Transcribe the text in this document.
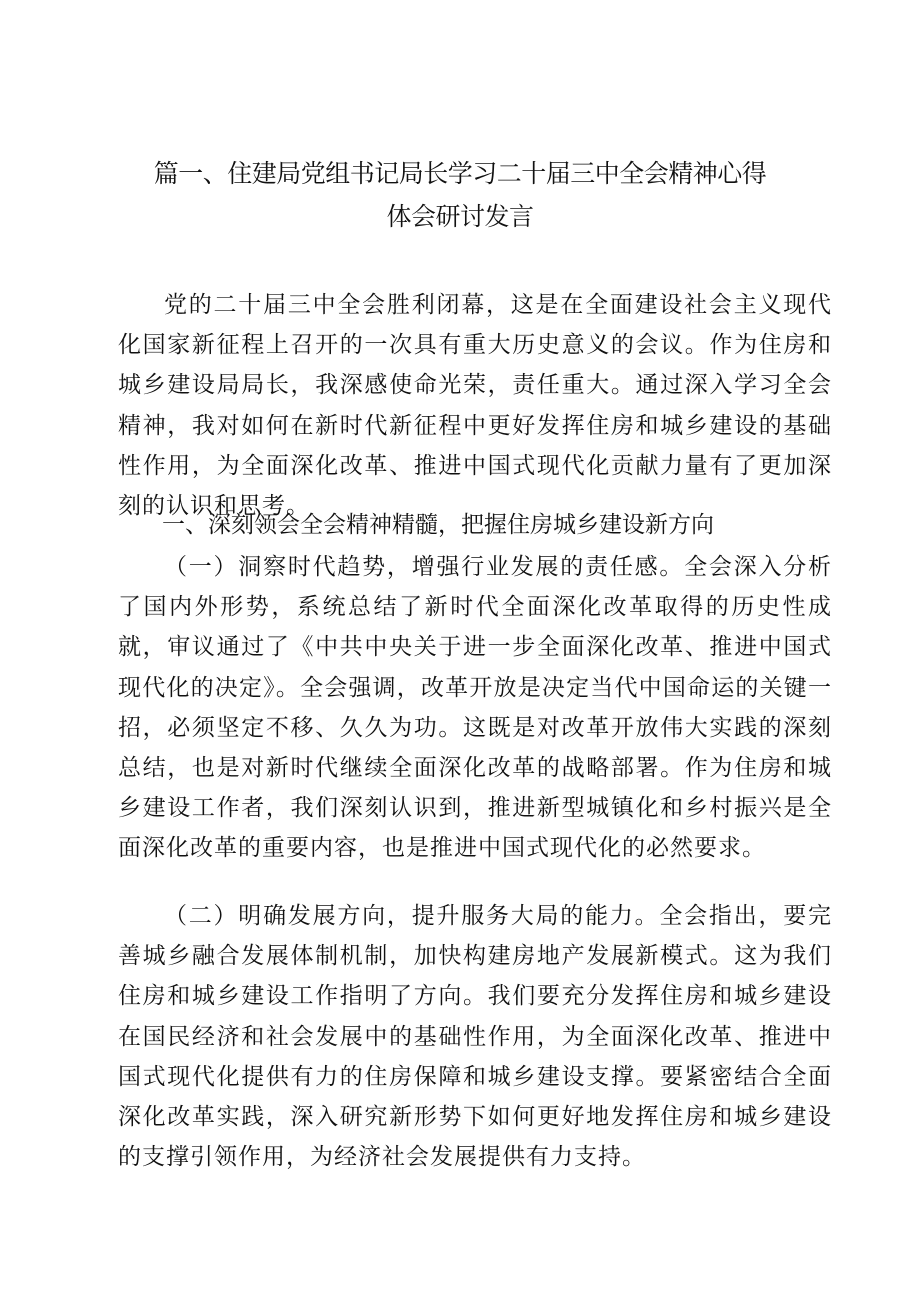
篇一、住建局党组书记局长学习二十届三中全会精神心得
体会研讨发言

党的二十届三中全会胜利闭幕，这是在全面建设社会主义现代化国家新征程上召开的一次具有重大历史意义的会议。作为住房和城乡建设局局长，我深感使命光荣，责任重大。通过深入学习全会精神，我对如何在新时代新征程中更好发挥住房和城乡建设的基础性作用，为全面深化改革、推进中国式现代化贡献力量有了更加深刻的认识和思考。

一、深刻领会全会精神精髓，把握住房城乡建设新方向

（一）洞察时代趋势，增强行业发展的责任感。全会深入分析了国内外形势，系统总结了新时代全面深化改革取得的历史性成就，审议通过了《中共中央关于进一步全面深化改革、推进中国式现代化的决定》。全会强调，改革开放是决定当代中国命运的关键一招，必须坚定不移、久久为功。这既是对改革开放伟大实践的深刻总结，也是对新时代继续全面深化改革的战略部署。作为住房和城乡建设工作者，我们深刻认识到，推进新型城镇化和乡村振兴是全面深化改革的重要内容，也是推进中国式现代化的必然要求。

（二）明确发展方向，提升服务大局的能力。全会指出，要完善城乡融合发展体制机制，加快构建房地产发展新模式。这为我们住房和城乡建设工作指明了方向。我们要充分发挥住房和城乡建设在国民经济和社会发展中的基础性作用，为全面深化改革、推进中国式现代化提供有力的住房保障和城乡建设支撑。要紧密结合全面深化改革实践，深入研究新形势下如何更好地发挥住房和城乡建设的支撑引领作用，为经济社会发展提供有力支持。
